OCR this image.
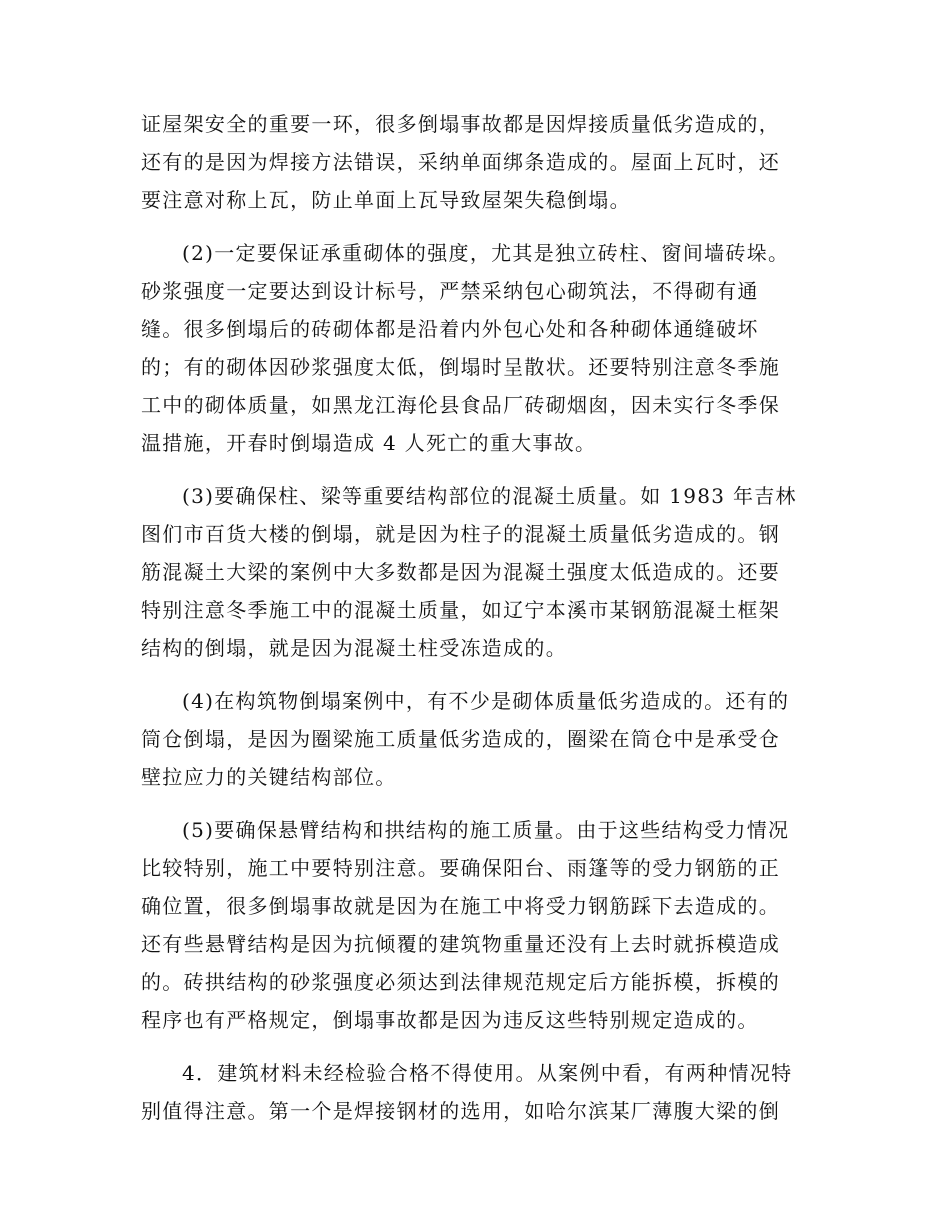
证屋架安全的重要一环，很多倒塌事故都是因焊接质量低劣造成的，
还有的是因为焊接方法错误，采纳单面绑条造成的。屋面上瓦时，还
要注意对称上瓦，防止单面上瓦导致屋架失稳倒塌。
(2)一定要保证承重砌体的强度，尤其是独立砖柱、窗间墙砖垛。
砂浆强度一定要达到设计标号，严禁采纳包心砌筑法，不得砌有通
缝。很多倒塌后的砖砌体都是沿着内外包心处和各种砌体通缝破坏
的；有的砌体因砂浆强度太低，倒塌时呈散状。还要特别注意冬季施
工中的砌体质量，如黑龙江海伦县食品厂砖砌烟囱，因未实行冬季保
温措施，开春时倒塌造成 4 人死亡的重大事故。
(3)要确保柱、梁等重要结构部位的混凝土质量。如 1983 年吉林
图们市百货大楼的倒塌，就是因为柱子的混凝土质量低劣造成的。钢
筋混凝土大梁的案例中大多数都是因为混凝土强度太低造成的。还要
特别注意冬季施工中的混凝土质量，如辽宁本溪市某钢筋混凝土框架
结构的倒塌，就是因为混凝土柱受冻造成的。
(4)在构筑物倒塌案例中，有不少是砌体质量低劣造成的。还有的
筒仓倒塌，是因为圈梁施工质量低劣造成的，圈梁在筒仓中是承受仓
壁拉应力的关键结构部位。
(5)要确保悬臂结构和拱结构的施工质量。由于这些结构受力情况
比较特别，施工中要特别注意。要确保阳台、雨篷等的受力钢筋的正
确位置，很多倒塌事故就是因为在施工中将受力钢筋踩下去造成的。
还有些悬臂结构是因为抗倾覆的建筑物重量还没有上去时就拆模造成
的。砖拱结构的砂浆强度必须达到法律规范规定后方能拆模，拆模的
程序也有严格规定，倒塌事故都是因为违反这些特别规定造成的。
4．建筑材料未经检验合格不得使用。从案例中看，有两种情况特
别值得注意。第一个是焊接钢材的选用，如哈尔滨某厂薄腹大梁的倒
